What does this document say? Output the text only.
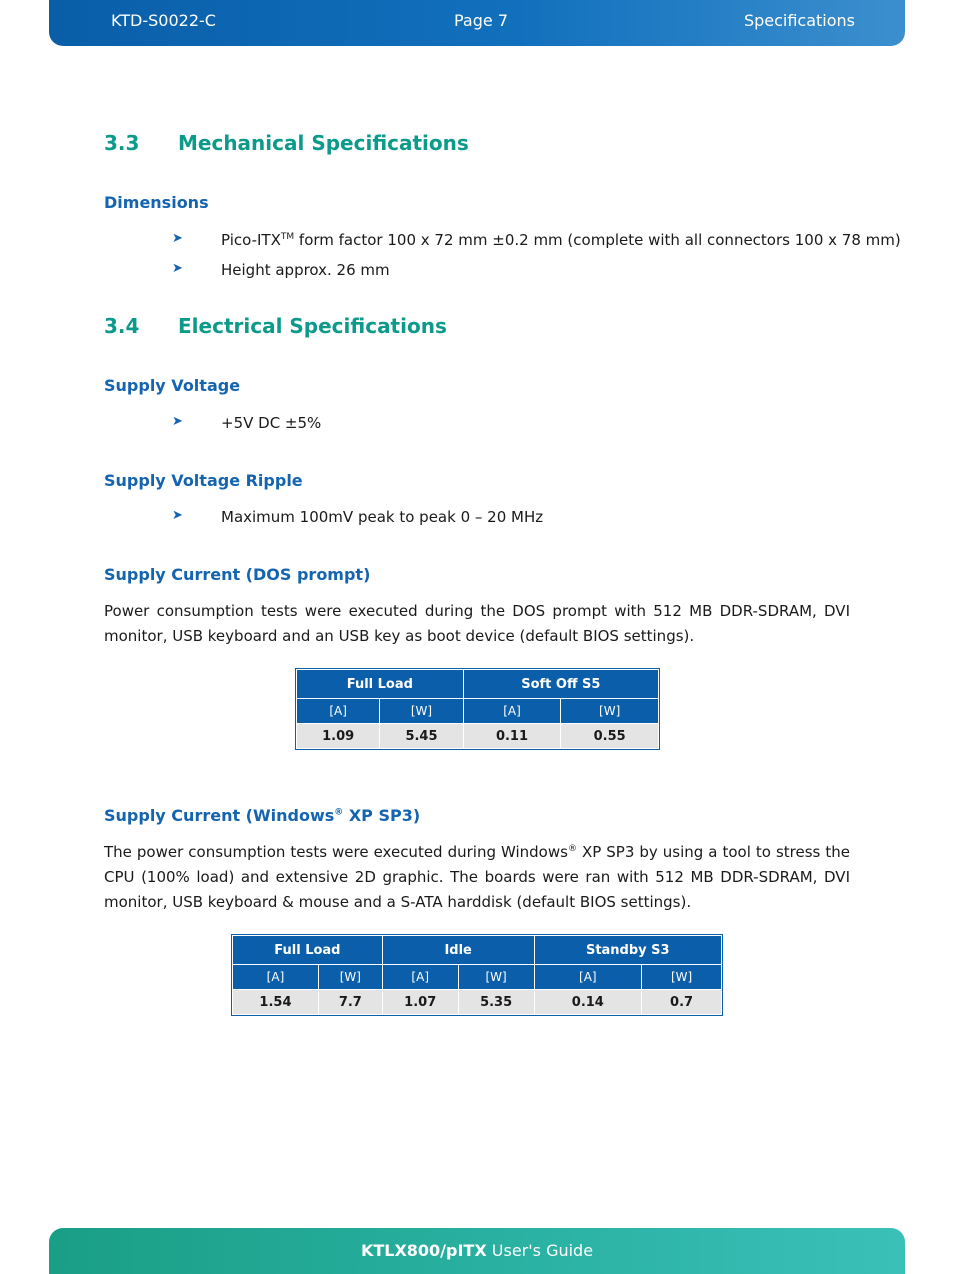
KTD-S0022-C	Page 7	Specifications
3.3 Mechanical Specifications
Dimensions
➤	Pico-ITX™ form factor 100 x 72 mm ±0.2 mm (complete with all connectors 100 x 78 mm)
➤	Height approx. 26 mm
3.4 Electrical Specifications
Supply Voltage
➤	+5V DC ±5%
Supply Voltage Ripple
➤	Maximum 100mV peak to peak 0 – 20 MHz
Supply Current (DOS prompt)
Power consumption tests were executed during the DOS prompt with 512 MB DDR-SDRAM, DVI monitor, USB keyboard and an USB key as boot device (default BIOS settings).
Full Load		Soft Off S5	
[A]	[W]	[A]	[W]
1.09	5.45	0.11	0.55
Supply Current (Windows® XP SP3)
The power consumption tests were executed during Windows® XP SP3 by using a tool to stress the CPU (100% load) and extensive 2D graphic. The boards were ran with 512 MB DDR-SDRAM, DVI monitor, USB keyboard & mouse and a S-ATA harddisk (default BIOS settings).
Full Load		Idle		Standby S3	
[A]	[W]	[A]	[W]	[A]	[W]
1.54	7.7	1.07	5.35	0.14	0.7
KTLX800/pITX User's Guide
